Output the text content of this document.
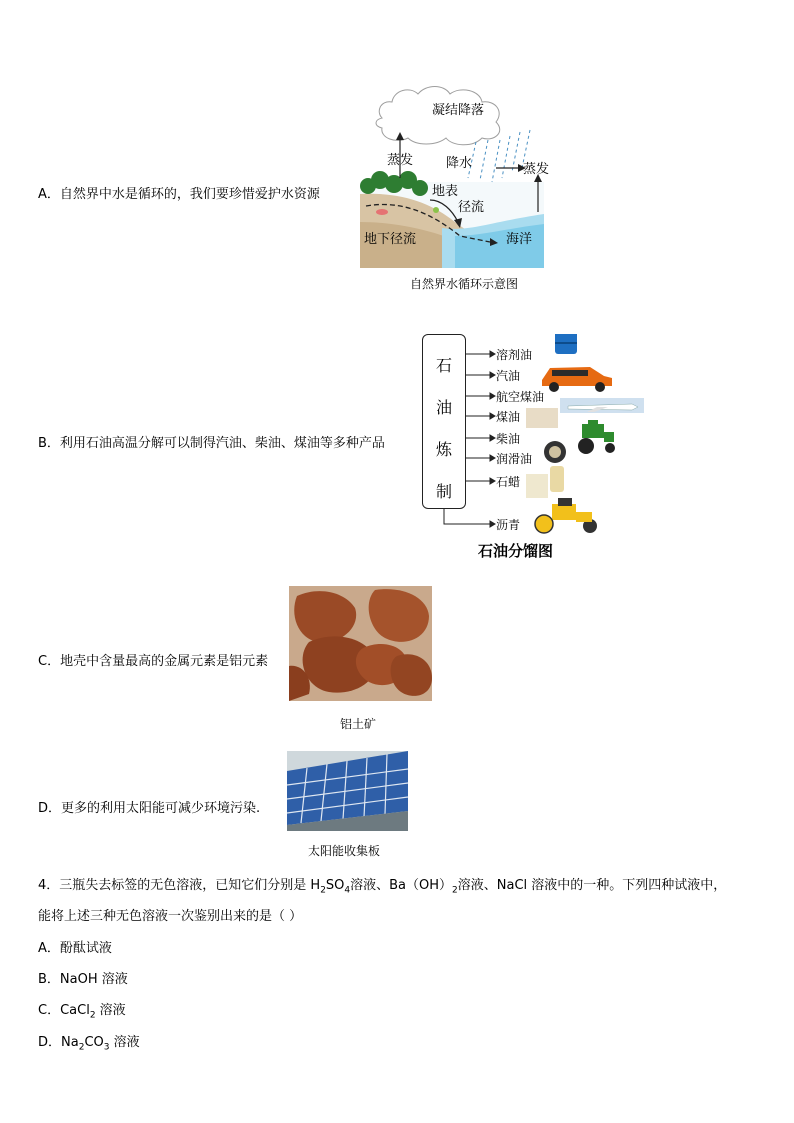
A．自然界中水是循环的，我们要珍惜爱护水资源
凝结降落
蒸发	降水	蒸发
地表
径流
地下径流	海洋
自然界水循环示意图
B．利用石油高温分解可以制得汽油、柴油、煤油等多种产品
石
油
炼
制
溶剂油
汽油
航空煤油
煤油
柴油
润滑油
石蜡
沥青
石油分馏图
C．地壳中含量最高的金属元素是铝元素
铝土矿
D．更多的利用太阳能可减少环境污染.
太阳能收集板
4．三瓶失去标签的无色溶液，已知它们分别是 $H_2SO_4$溶液、$Ba(OH)_2$溶液、NaCl 溶液中的一种。下列四种试液中，
能将上述三种无色溶液一次鉴别出来的是（ ）
A．酚酞试液
B．NaOH 溶液
C．CaCl$_2$ 溶液
D．$Na_2CO_3$ 溶液
